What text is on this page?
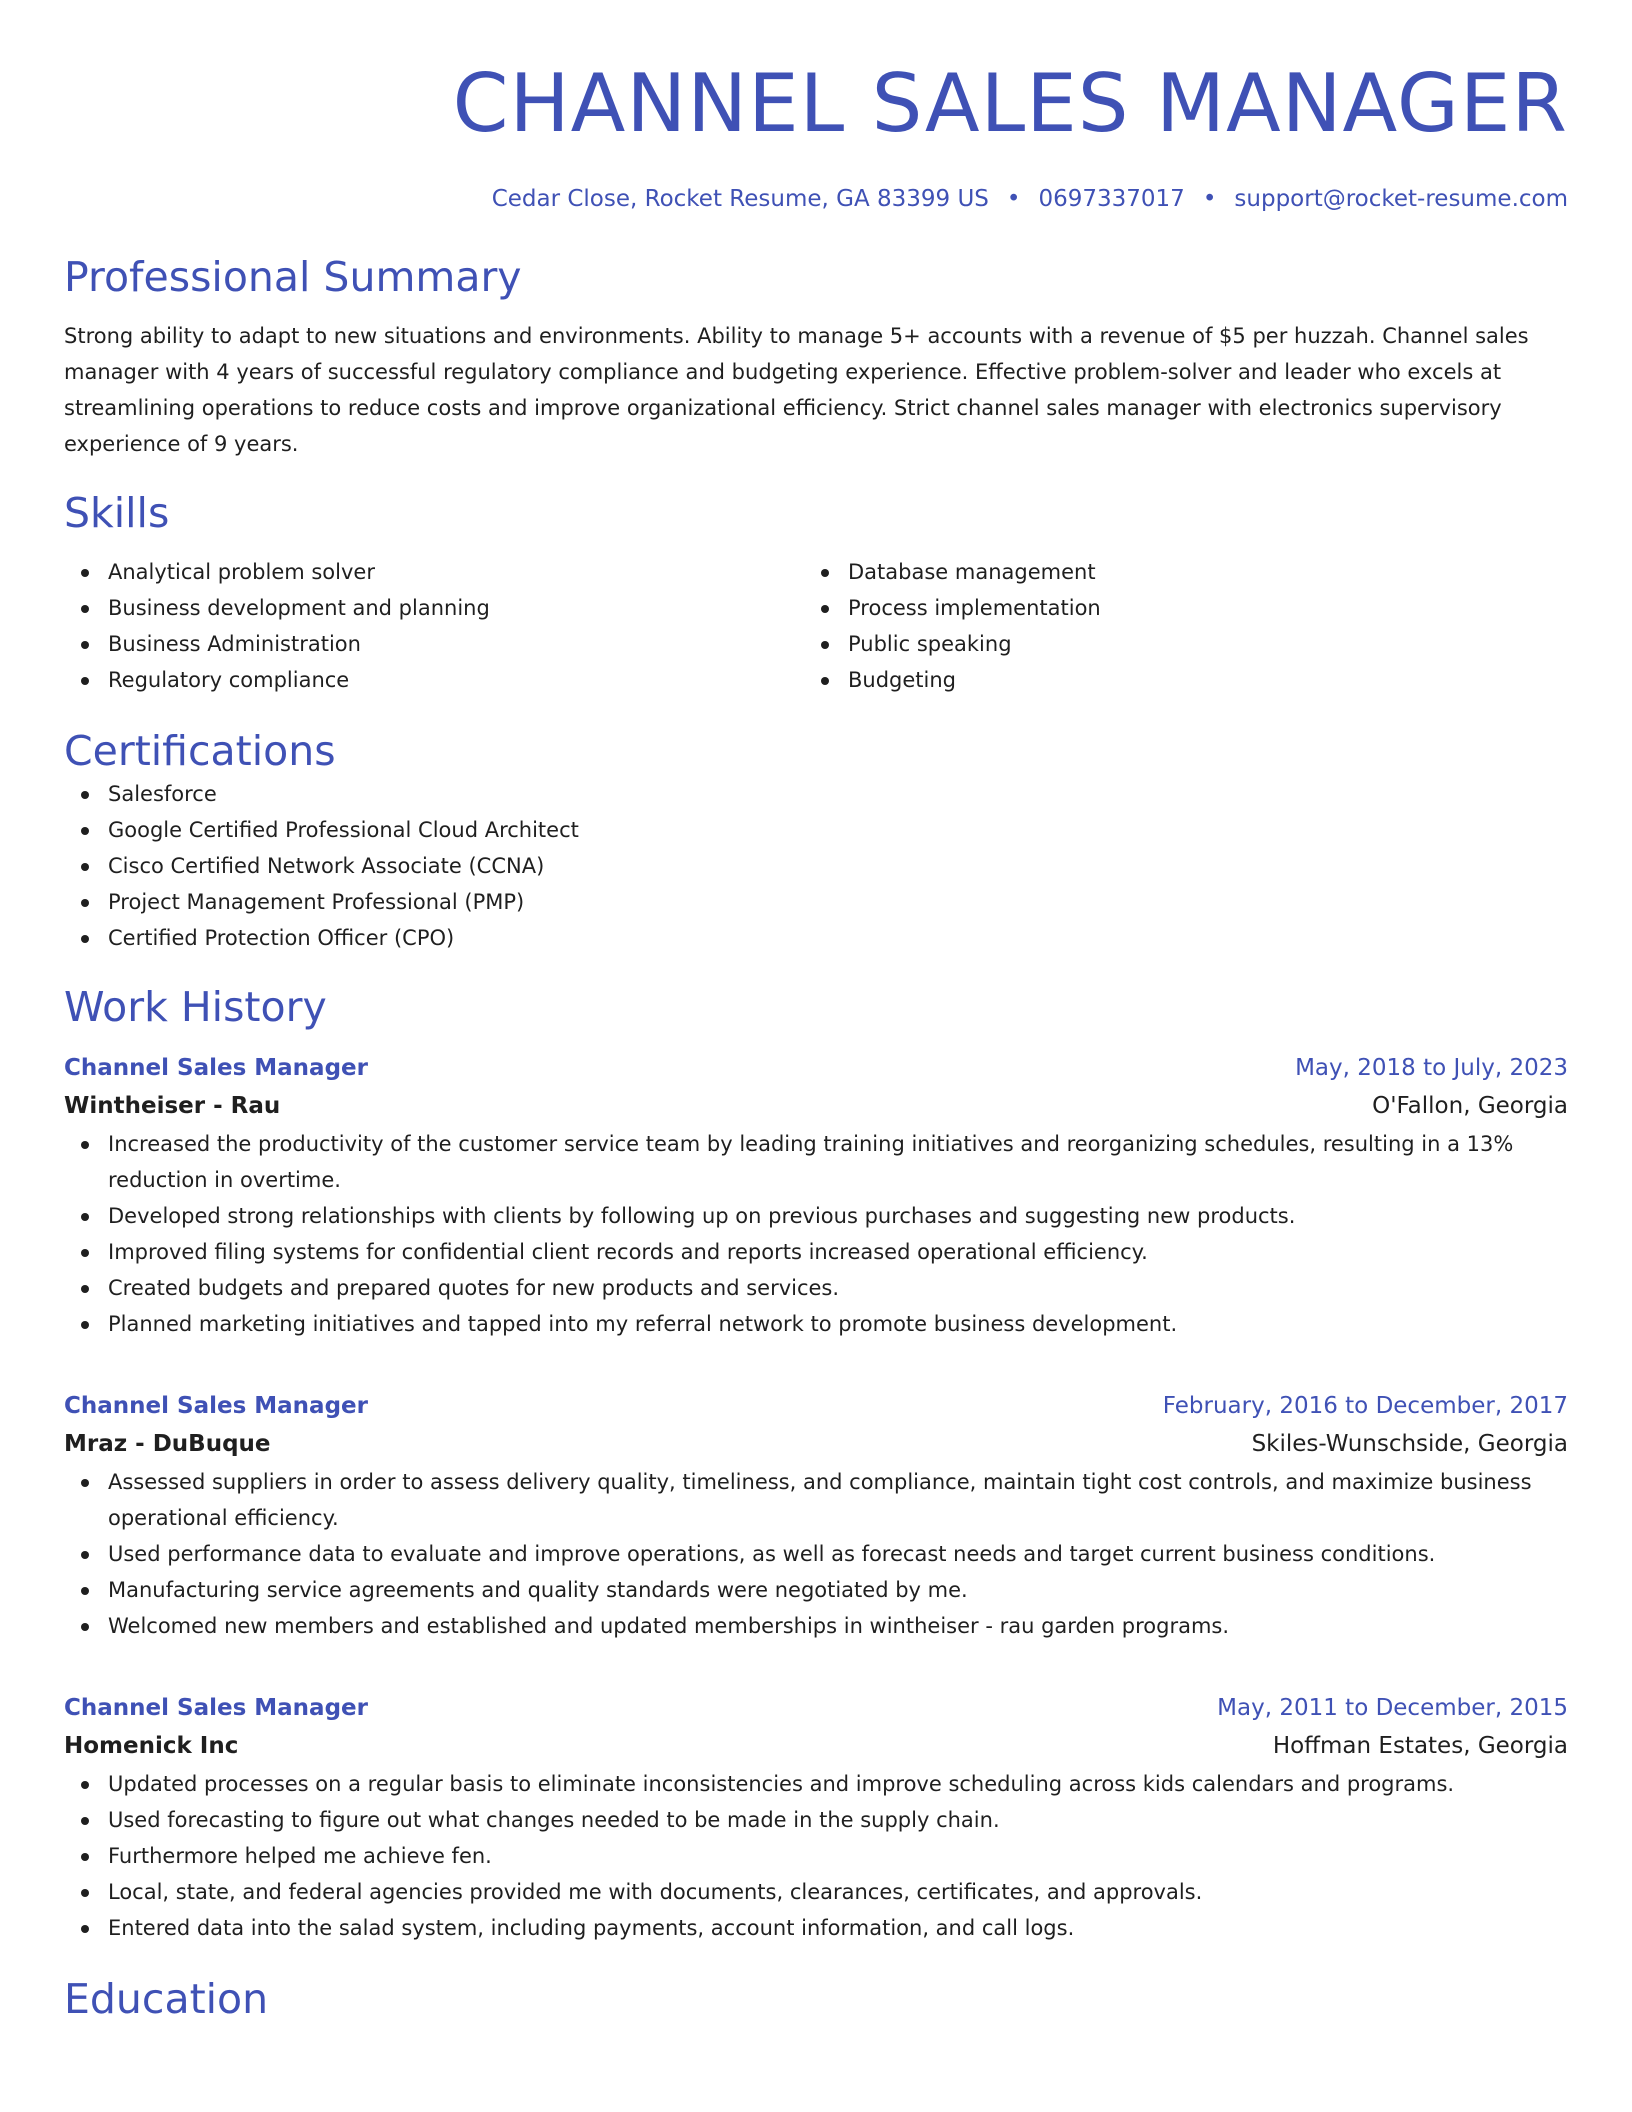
CHANNEL SALES MANAGER
Cedar Close, Rocket Resume, GA 83399 US • 0697337017 • support@rocket-resume.com
Professional Summary

Strong ability to adapt to new situations and environments. Ability to manage 5+ accounts with a revenue of $5 per huzzah. Channel sales manager with 4 years of successful regulatory compliance and budgeting experience. Effective problem-solver and leader who excels at streamlining operations to reduce costs and improve organizational efficiency. Strict channel sales manager with electronics supervisory experience of 9 years.

Skills
Analytical problem solver
Business development and planning
Business Administration
Regulatory compliance
Database management
Process implementation
Public speaking
Budgeting
Certifications
Salesforce
Google Certified Professional Cloud Architect
Cisco Certified Network Associate (CCNA)
Project Management Professional (PMP)
Certified Protection Officer (CPO)
Work History
Channel Sales Manager	May, 2018 to July, 2023
Wintheiser - Rau	O'Fallon, Georgia
Increased the productivity of the customer service team by leading training initiatives and reorganizing schedules, resulting in a 13% reduction in overtime.
Developed strong relationships with clients by following up on previous purchases and suggesting new products.
Improved filing systems for confidential client records and reports increased operational efficiency.
Created budgets and prepared quotes for new products and services.
Planned marketing initiatives and tapped into my referral network to promote business development.
Channel Sales Manager	February, 2016 to December, 2017
Mraz - DuBuque	Skiles-Wunschside, Georgia
Assessed suppliers in order to assess delivery quality, timeliness, and compliance, maintain tight cost controls, and maximize business operational efficiency.
Used performance data to evaluate and improve operations, as well as forecast needs and target current business conditions.
Manufacturing service agreements and quality standards were negotiated by me.
Welcomed new members and established and updated memberships in wintheiser - rau garden programs.
Channel Sales Manager	May, 2011 to December, 2015
Homenick Inc	Hoffman Estates, Georgia
Updated processes on a regular basis to eliminate inconsistencies and improve scheduling across kids calendars and programs.
Used forecasting to figure out what changes needed to be made in the supply chain.
Furthermore helped me achieve fen.
Local, state, and federal agencies provided me with documents, clearances, certificates, and approvals.
Entered data into the salad system, including payments, account information, and call logs.
Education
